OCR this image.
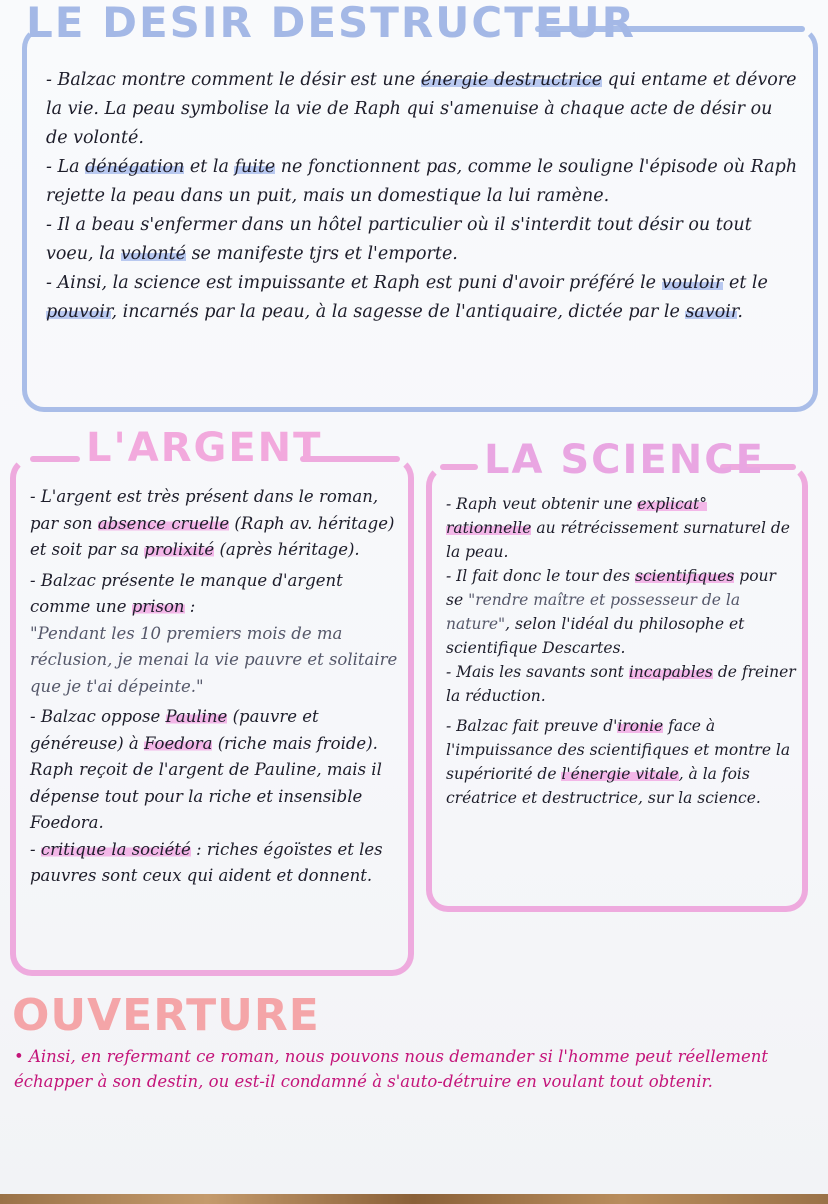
LE DESIR DESTRUCTEUR

- Balzac montre comment le désir est une énergie destructrice qui entame et dévore la vie. La peau symbolise la vie de Raph qui s'amenuise à chaque acte de désir ou de volonté.

- La dénégation et la fuite ne fonctionnent pas, comme le souligne l'épisode où Raph rejette la peau dans un puit, mais un domestique la lui ramène.

- Il a beau s'enfermer dans un hôtel particulier où il s'interdit tout désir ou tout voeu, la volonté se manifeste tjrs et l'emporte.

- Ainsi, la science est impuissante et Raph est puni d'avoir préféré le vouloir et le pouvoir, incarnés par la peau, à la sagesse de l'antiquaire, dictée par le savoir.

L'ARGENT

- L'argent est très présent dans le roman, par son absence cruelle (Raph av. héritage) et soit par sa prolixité (après héritage).

- Balzac présente le manque d'argent comme une prison :

"Pendant les 10 premiers mois de ma réclusion, je menai la vie pauvre et solitaire que je t'ai dépeinte."

- Balzac oppose Pauline (pauvre et généreuse) à Foedora (riche mais froide). Raph reçoit de l'argent de Pauline, mais il dépense tout pour la riche et insensible Foedora.

- critique la société : riches égoïstes et les pauvres sont ceux qui aident et donnent.

LA SCIENCE

- Raph veut obtenir une explicat° rationnelle au rétrécissement surnaturel de la peau.

- Il fait donc le tour des scientifiques pour se "rendre maître et possesseur de la nature", selon l'idéal du philosophe et scientifique Descartes.

- Mais les savants sont incapables de freiner la réduction.

- Balzac fait preuve d'ironie face à l'impuissance des scientifiques et montre la supériorité de l'énergie vitale, à la fois créatrice et destructrice, sur la science.

OUVERTURE
• Ainsi, en refermant ce roman, nous pouvons nous demander si l'homme peut réellement échapper à son destin, ou est-il condamné à s'auto-détruire en voulant tout obtenir.
